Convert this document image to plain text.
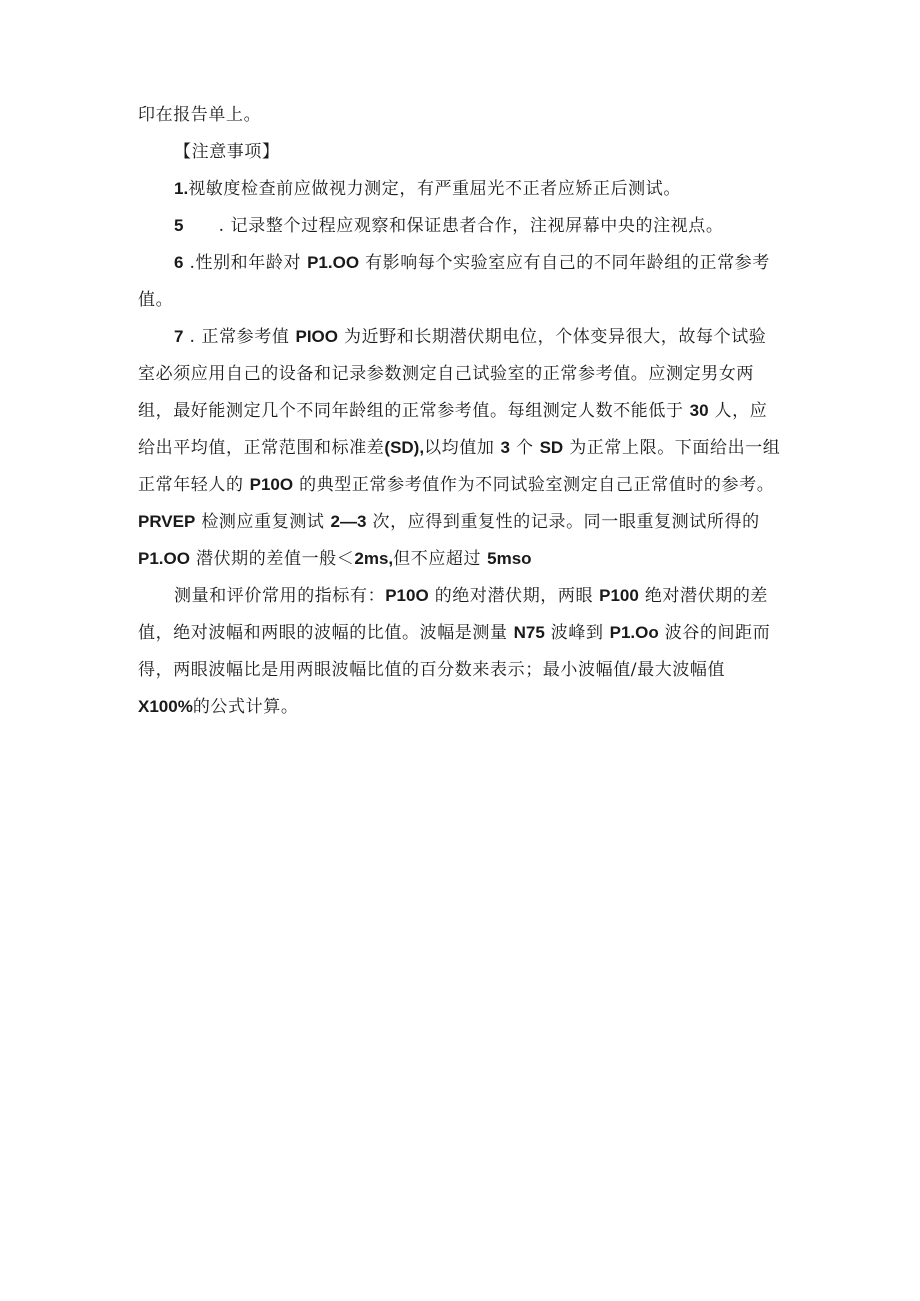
印在报告单上。
【注意事项】
1.视敏度检查前应做视力测定，有严重屈光不正者应矫正后测试。
5　　. 记录整个过程应观察和保证患者合作，注视屏幕中央的注视点。
6 .性别和年龄对 P1.OO 有影响每个实验室应有自己的不同年龄组的正常参考
值。
7 . 正常参考值 PIOO 为近野和长期潜伏期电位，个体变异很大，故每个试验
室必须应用自己的设备和记录参数测定自己试验室的正常参考值。应测定男女两
组，最好能测定几个不同年龄组的正常参考值。每组测定人数不能低于 30 人，应
给出平均值，正常范围和标准差(SD),以均值加 3 个 SD 为正常上限。下面给出一组
正常年轻人的 P10O 的典型正常参考值作为不同试验室测定自己正常值时的参考。
PRVEP 检测应重复测试 2—3 次，应得到重复性的记录。同一眼重复测试所得的
P1.OO 潜伏期的差值一般＜2ms,但不应超过 5mso
测量和评价常用的指标有：P10O 的绝对潜伏期，两眼 P100 绝对潜伏期的差
值，绝对波幅和两眼的波幅的比值。波幅是测量 N75 波峰到 P1.Oo 波谷的间距而
得，两眼波幅比是用两眼波幅比值的百分数来表示；最小波幅值/最大波幅值
X100%的公式计算。
